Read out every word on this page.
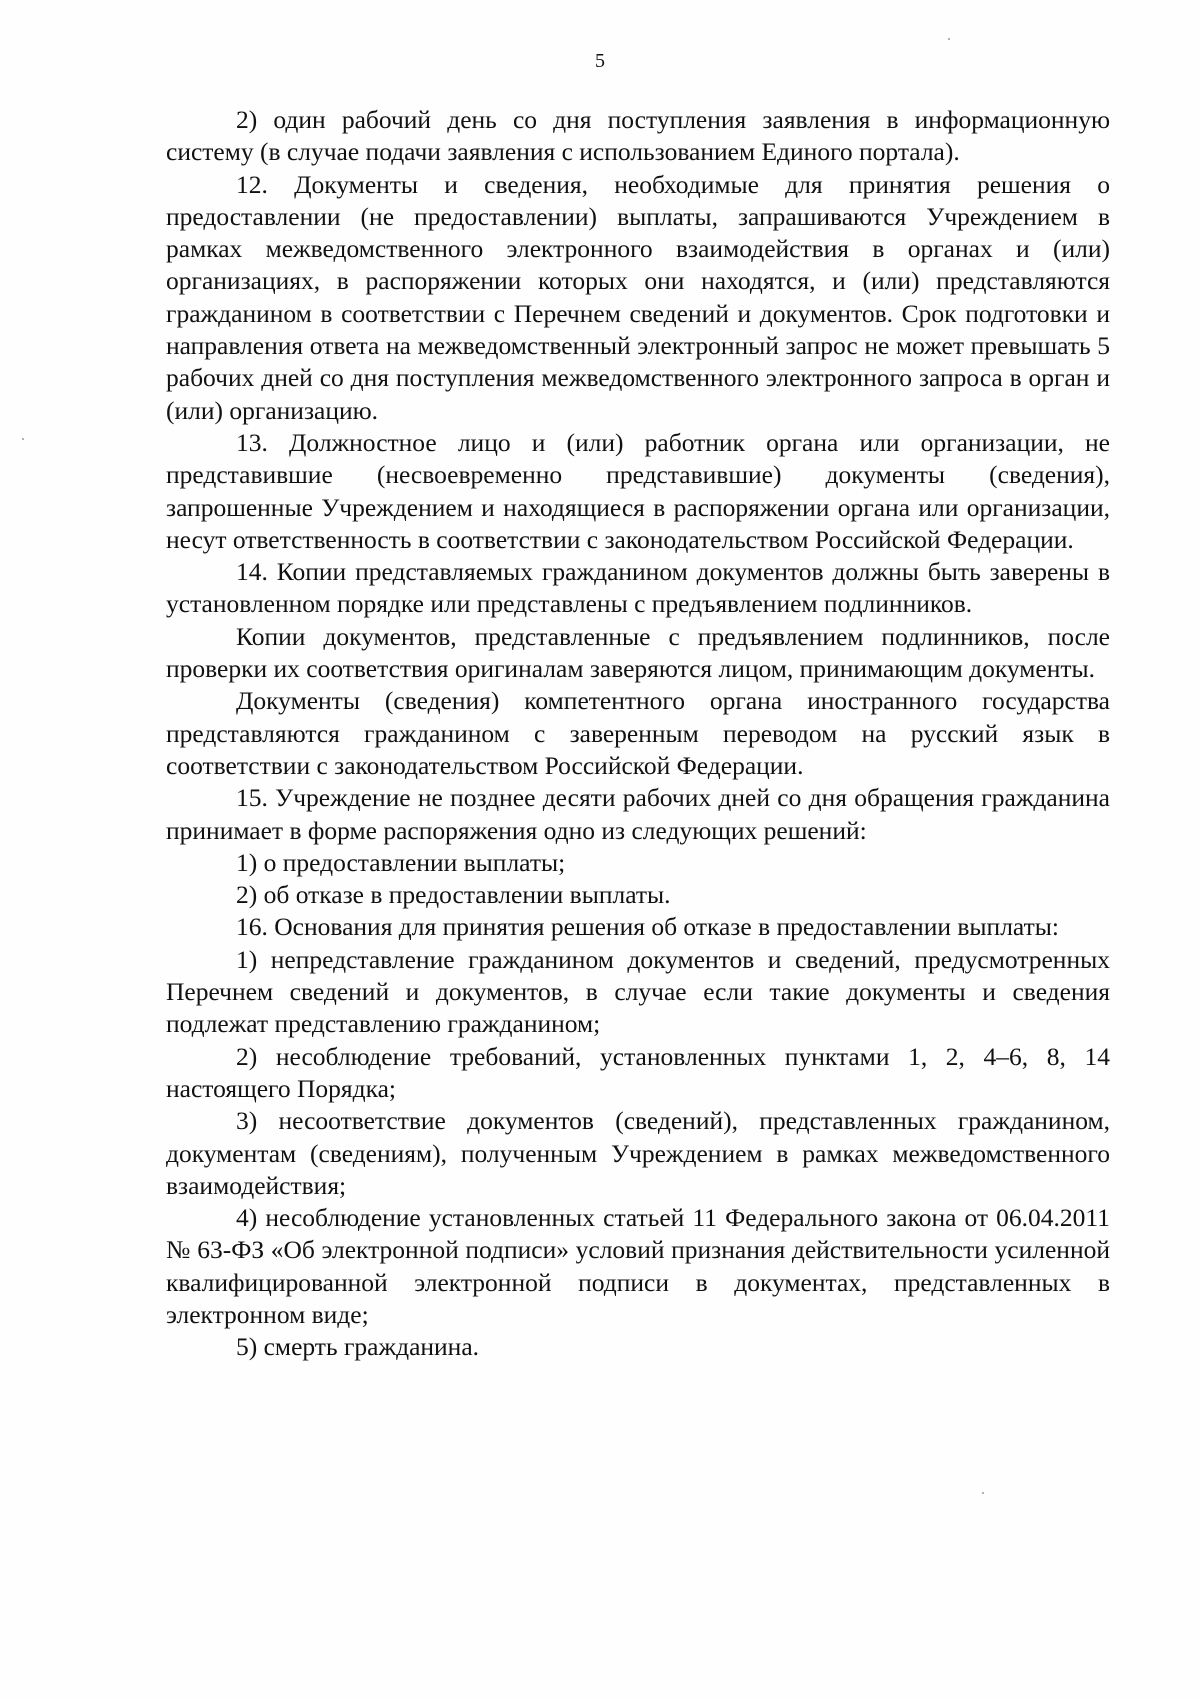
5

2) один рабочий день со дня поступления заявления в информационную систему (в случае подачи заявления с использованием Единого портала).

12. Документы и сведения, необходимые для принятия решения о предоставлении (не предоставлении) выплаты, запрашиваются Учреждением в рамках межведомственного электронного взаимодействия в органах и (или) организациях, в распоряжении которых они находятся, и (или) представляются гражданином в соответствии с Перечнем сведений и документов. Срок подготовки и направления ответа на межведомственный электронный запрос не может превышать 5 рабочих дней со дня поступления межведомственного электронного запроса в орган и (или) организацию.

13. Должностное лицо и (или) работник органа или организации, не представившие (несвоевременно представившие) документы (сведения), запрошенные Учреждением и находящиеся в распоряжении органа или организации, несут ответственность в соответствии с законодательством Российской Федерации.

14. Копии представляемых гражданином документов должны быть заверены в установленном порядке или представлены с предъявлением подлинников.

Копии документов, представленные с предъявлением подлинников, после проверки их соответствия оригиналам заверяются лицом, принимающим документы.

Документы (сведения) компетентного органа иностранного государства представляются гражданином с заверенным переводом на русский язык в соответствии с законодательством Российской Федерации.

15. Учреждение не позднее десяти рабочих дней со дня обращения гражданина принимает в форме распоряжения одно из следующих решений:

1) о предоставлении выплаты;

2) об отказе в предоставлении выплаты.

16. Основания для принятия решения об отказе в предоставлении выплаты:

1) непредставление гражданином документов и сведений, предусмотренных Перечнем сведений и документов, в случае если такие документы и сведения подлежат представлению гражданином;

2) несоблюдение требований, установленных пунктами 1, 2, 4–6, 8, 14 настоящего Порядка;

3) несоответствие документов (сведений), представленных гражданином, документам (сведениям), полученным Учреждением в рамках межведомственного взаимодействия;

4) несоблюдение установленных статьей 11 Федерального закона от 06.04.2011 № 63-ФЗ «Об электронной подписи» условий признания действительности усиленной квалифицированной электронной подписи в документах, представленных в электронном виде;

5) смерть гражданина.
